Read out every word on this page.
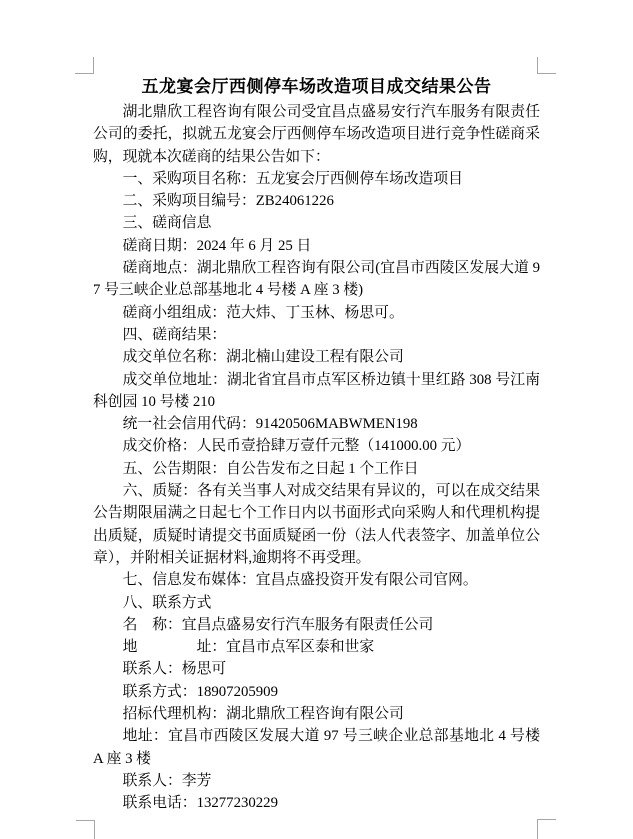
五龙宴会厅西侧停车场改造项目成交结果公告

湖北鼎欣工程咨询有限公司受宜昌点盛易安行汽车服务有限责任公司的委托，拟就五龙宴会厅西侧停车场改造项目进行竞争性磋商采购，现就本次磋商的结果公告如下：

一、采购项目名称：五龙宴会厅西侧停车场改造项目

二、采购项目编号：ZB24061226

三、磋商信息

磋商日期：2024 年 6 月 25 日

磋商地点：湖北鼎欣工程咨询有限公司(宜昌市西陵区发展大道 97 号三峡企业总部基地北 4 号楼 A 座 3 楼)

磋商小组组成：范大炜、丁玉林、杨思可。

四、磋商结果：

成交单位名称：湖北楠山建设工程有限公司

成交单位地址：湖北省宜昌市点军区桥边镇十里红路 308 号江南科创园 10 号楼 210

统一社会信用代码：91420506MABWMEN198

成交价格：人民币壹拾肆万壹仟元整（141000.00 元）

五、公告期限：自公告发布之日起 1 个工作日

六、质疑：各有关当事人对成交结果有异议的，可以在成交结果公告期限届满之日起七个工作日内以书面形式向采购人和代理机构提出质疑，质疑时请提交书面质疑函一份（法人代表签字、加盖单位公章），并附相关证据材料,逾期将不再受理。

七、信息发布媒体：宜昌点盛投资开发有限公司官网。

八、联系方式

名　称：宜昌点盛易安行汽车服务有限责任公司

地　　　　址：宜昌市点军区泰和世家

联系人：杨思可

联系方式：18907205909

招标代理机构：湖北鼎欣工程咨询有限公司

地址：宜昌市西陵区发展大道 97 号三峡企业总部基地北 4 号楼 A 座 3 楼

联系人：李芳

联系电话：13277230229
